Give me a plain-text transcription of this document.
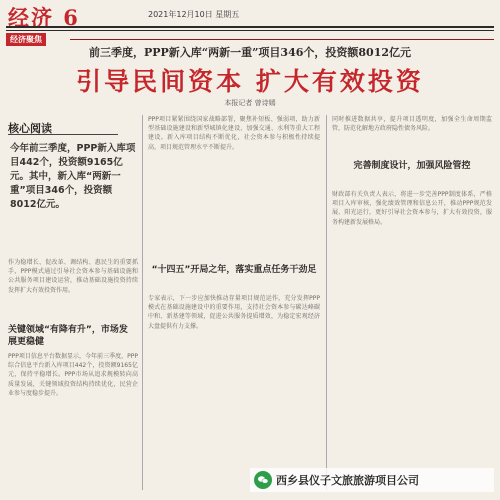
经济 6	2021年12月10日 星期五
经济聚焦
前三季度，PPP新入库“两新一重”项目346个，投资额8012亿元
引导民间资本 扩大有效投资
本报记者 曾诗嫣
核心阅读
今年前三季度，PPP新入库项目442个，投资额9165亿元。其中，新入库“两新一重”项目346个，投资额8012亿元。

作为稳增长、促改革、调结构、惠民生的重要抓手，PPP模式通过引导社会资本参与基础设施和公共服务项目建设运营，推动基础设施投资持续发挥扩大有效投资作用。

关键领域“有降有升”，市场发展更稳健

PPP项目信息平台数据显示，今年前三季度，PPP综合信息平台新入库项目442个，投资额9165亿元，保持平稳增长。PPP市场从追求规模转向高质量发展，关键领域投资结构持续优化，民营企业参与度稳步提升。

PPP项目紧紧围绕国家战略部署，聚焦补短板、强弱项，助力新型基础设施建设和新型城镇化建设，加强交通、水利等重大工程建设。新入库项目结构不断优化，社会资本参与积极性持续提高，项目规范管理水平不断提升。

“十四五”开局之年，落实重点任务干劲足

专家表示，下一步应加快推动存量项目规范运作，充分发挥PPP模式在基础设施建设中的重要作用，支持社会资本参与碳达峰碳中和、新基建等领域，促进公共服务提质增效，为稳定宏观经济大盘提供有力支撑。

同时推进数据共享，提升项目透明度，加强全生命周期监管，防范化解地方政府隐性债务风险。

完善制度设计，加强风险管控

财政部有关负责人表示，将进一步完善PPP制度体系，严格项目入库审核，强化绩效管理和信息公开，推动PPP规范发展、阳光运行，更好引导社会资本参与，扩大有效投资，服务构建新发展格局。

西乡县仪子文旅旅游项目公司
